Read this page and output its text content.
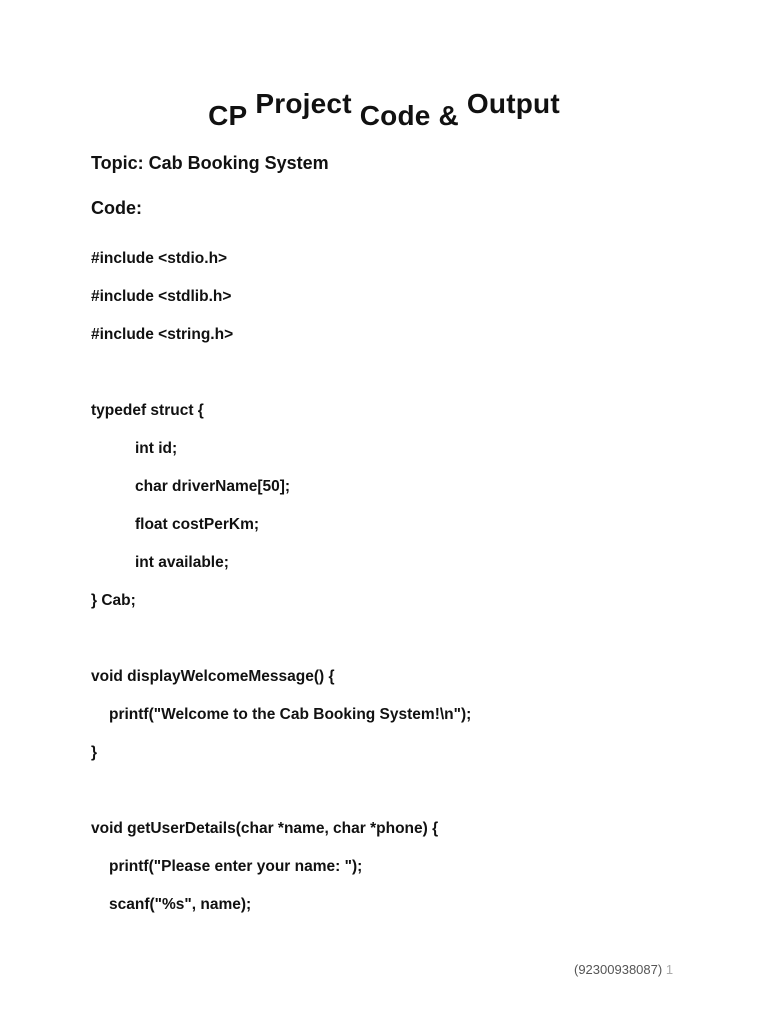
CP Project Code & Output
Topic: Cab Booking System
Code:
#include <stdio.h>
#include <stdlib.h>
#include <string.h>
typedef struct {
int id;
char driverName[50];
float costPerKm;
int available;
} Cab;
void displayWelcomeMessage() {
printf("Welcome to the Cab Booking System!\n");
}
void getUserDetails(char *name, char *phone) {
printf("Please enter your name: ");
scanf("%s", name);
(92300938087) 1
